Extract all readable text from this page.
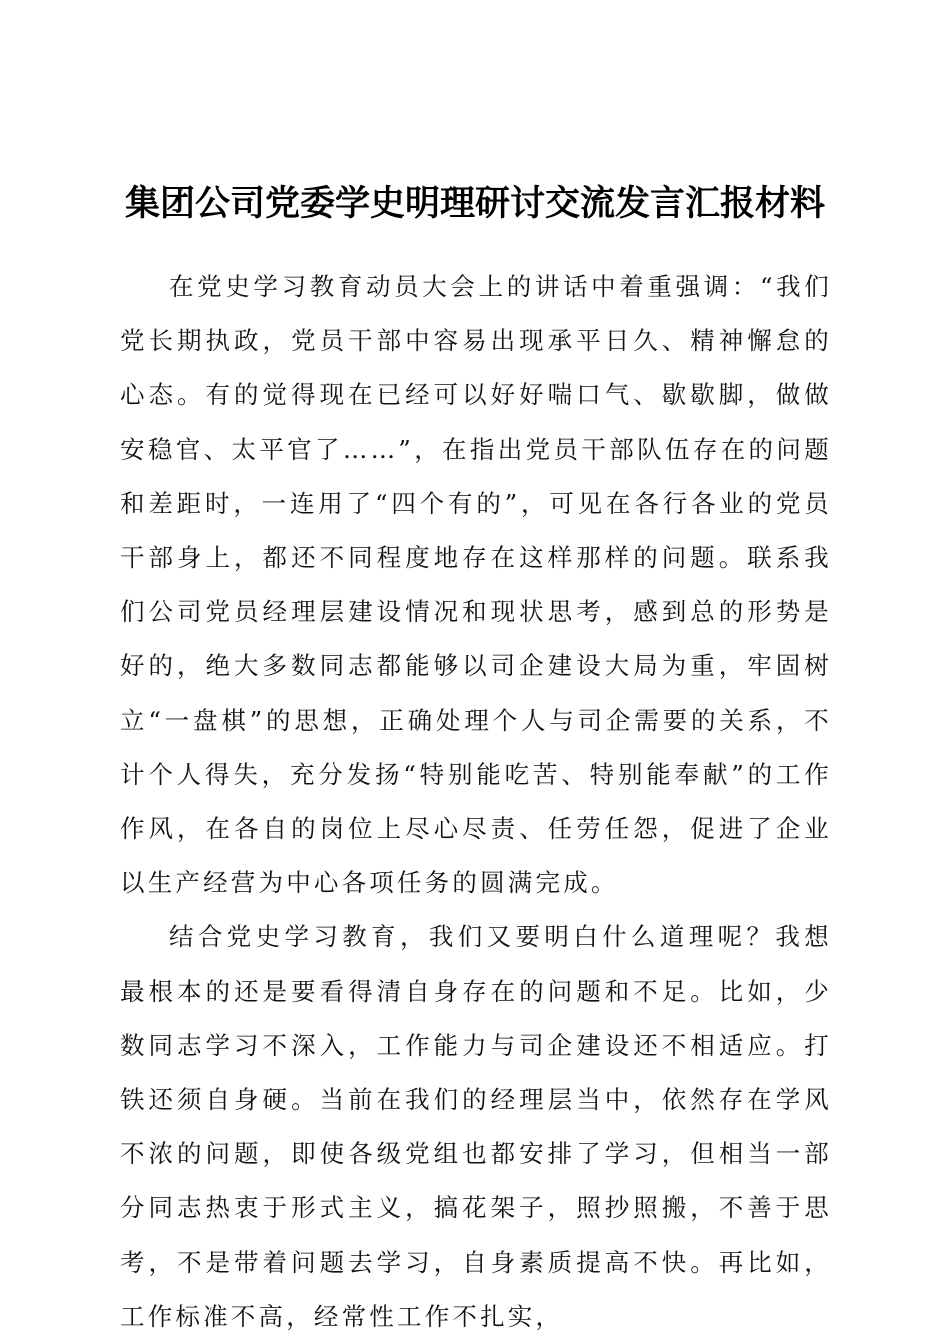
集团公司党委学史明理研讨交流发言汇报材料

在党史学习教育动员大会上的讲话中着重强调：“我们党长期执政，党员干部中容易出现承平日久、精神懈怠的心态。有的觉得现在已经可以好好喘口气、歇歇脚，做做安稳官、太平官了……”，在指出党员干部队伍存在的问题和差距时，一连用了“四个有的”，可见在各行各业的党员干部身上，都还不同程度地存在这样那样的问题。联系我们公司党员经理层建设情况和现状思考，感到总的形势是好的，绝大多数同志都能够以司企建设大局为重，牢固树立“一盘棋”的思想，正确处理个人与司企需要的关系，不计个人得失，充分发扬“特别能吃苦、特别能奉献”的工作作风，在各自的岗位上尽心尽责、任劳任怨，促进了企业以生产经营为中心各项任务的圆满完成。

结合党史学习教育，我们又要明白什么道理呢？我想最根本的还是要看得清自身存在的问题和不足。比如，少数同志学习不深入，工作能力与司企建设还不相适应。打铁还须自身硬。当前在我们的经理层当中，依然存在学风不浓的问题，即使各级党组也都安排了学习，但相当一部分同志热衷于形式主义，搞花架子，照抄照搬，不善于思考，不是带着问题去学习，自身素质提高不快。再比如，工作标准不高，经常性工作不扎实，
